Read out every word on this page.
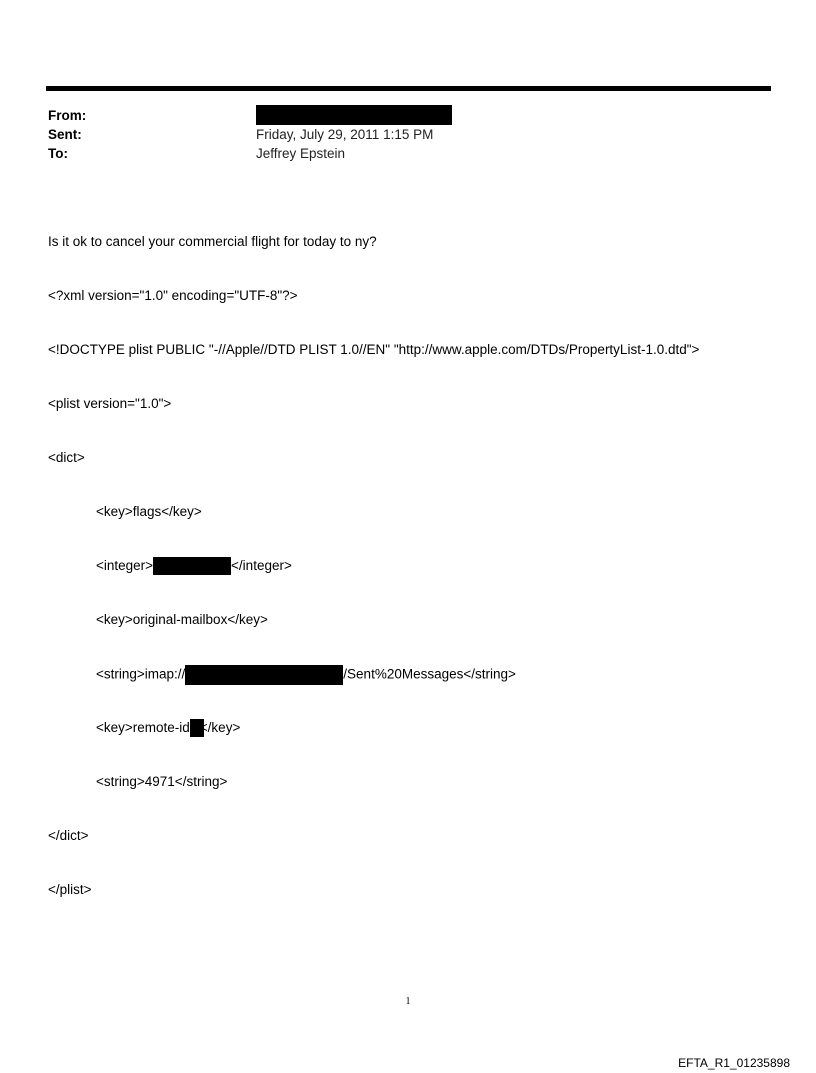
From:
Sent:	Friday, July 29, 2011 1:15 PM
To:	Jeffrey Epstein

Is it ok to cancel your commercial flight for today to ny?

<?xml version="1.0" encoding="UTF-8"?>

<!DOCTYPE plist PUBLIC "-//Apple//DTD PLIST 1.0//EN" "http://www.apple.com/DTDs/PropertyList-1.0.dtd">

<plist version="1.0">

<dict>

<key>flags</key>

<integer>	</integer>

<key>original-mailbox</key>

<string>imap://	/Sent%20Messages</string>

<key>remote-id </key>

<string>4971</string>

</dict>

</plist>

1
EFTA_R1_01235898
